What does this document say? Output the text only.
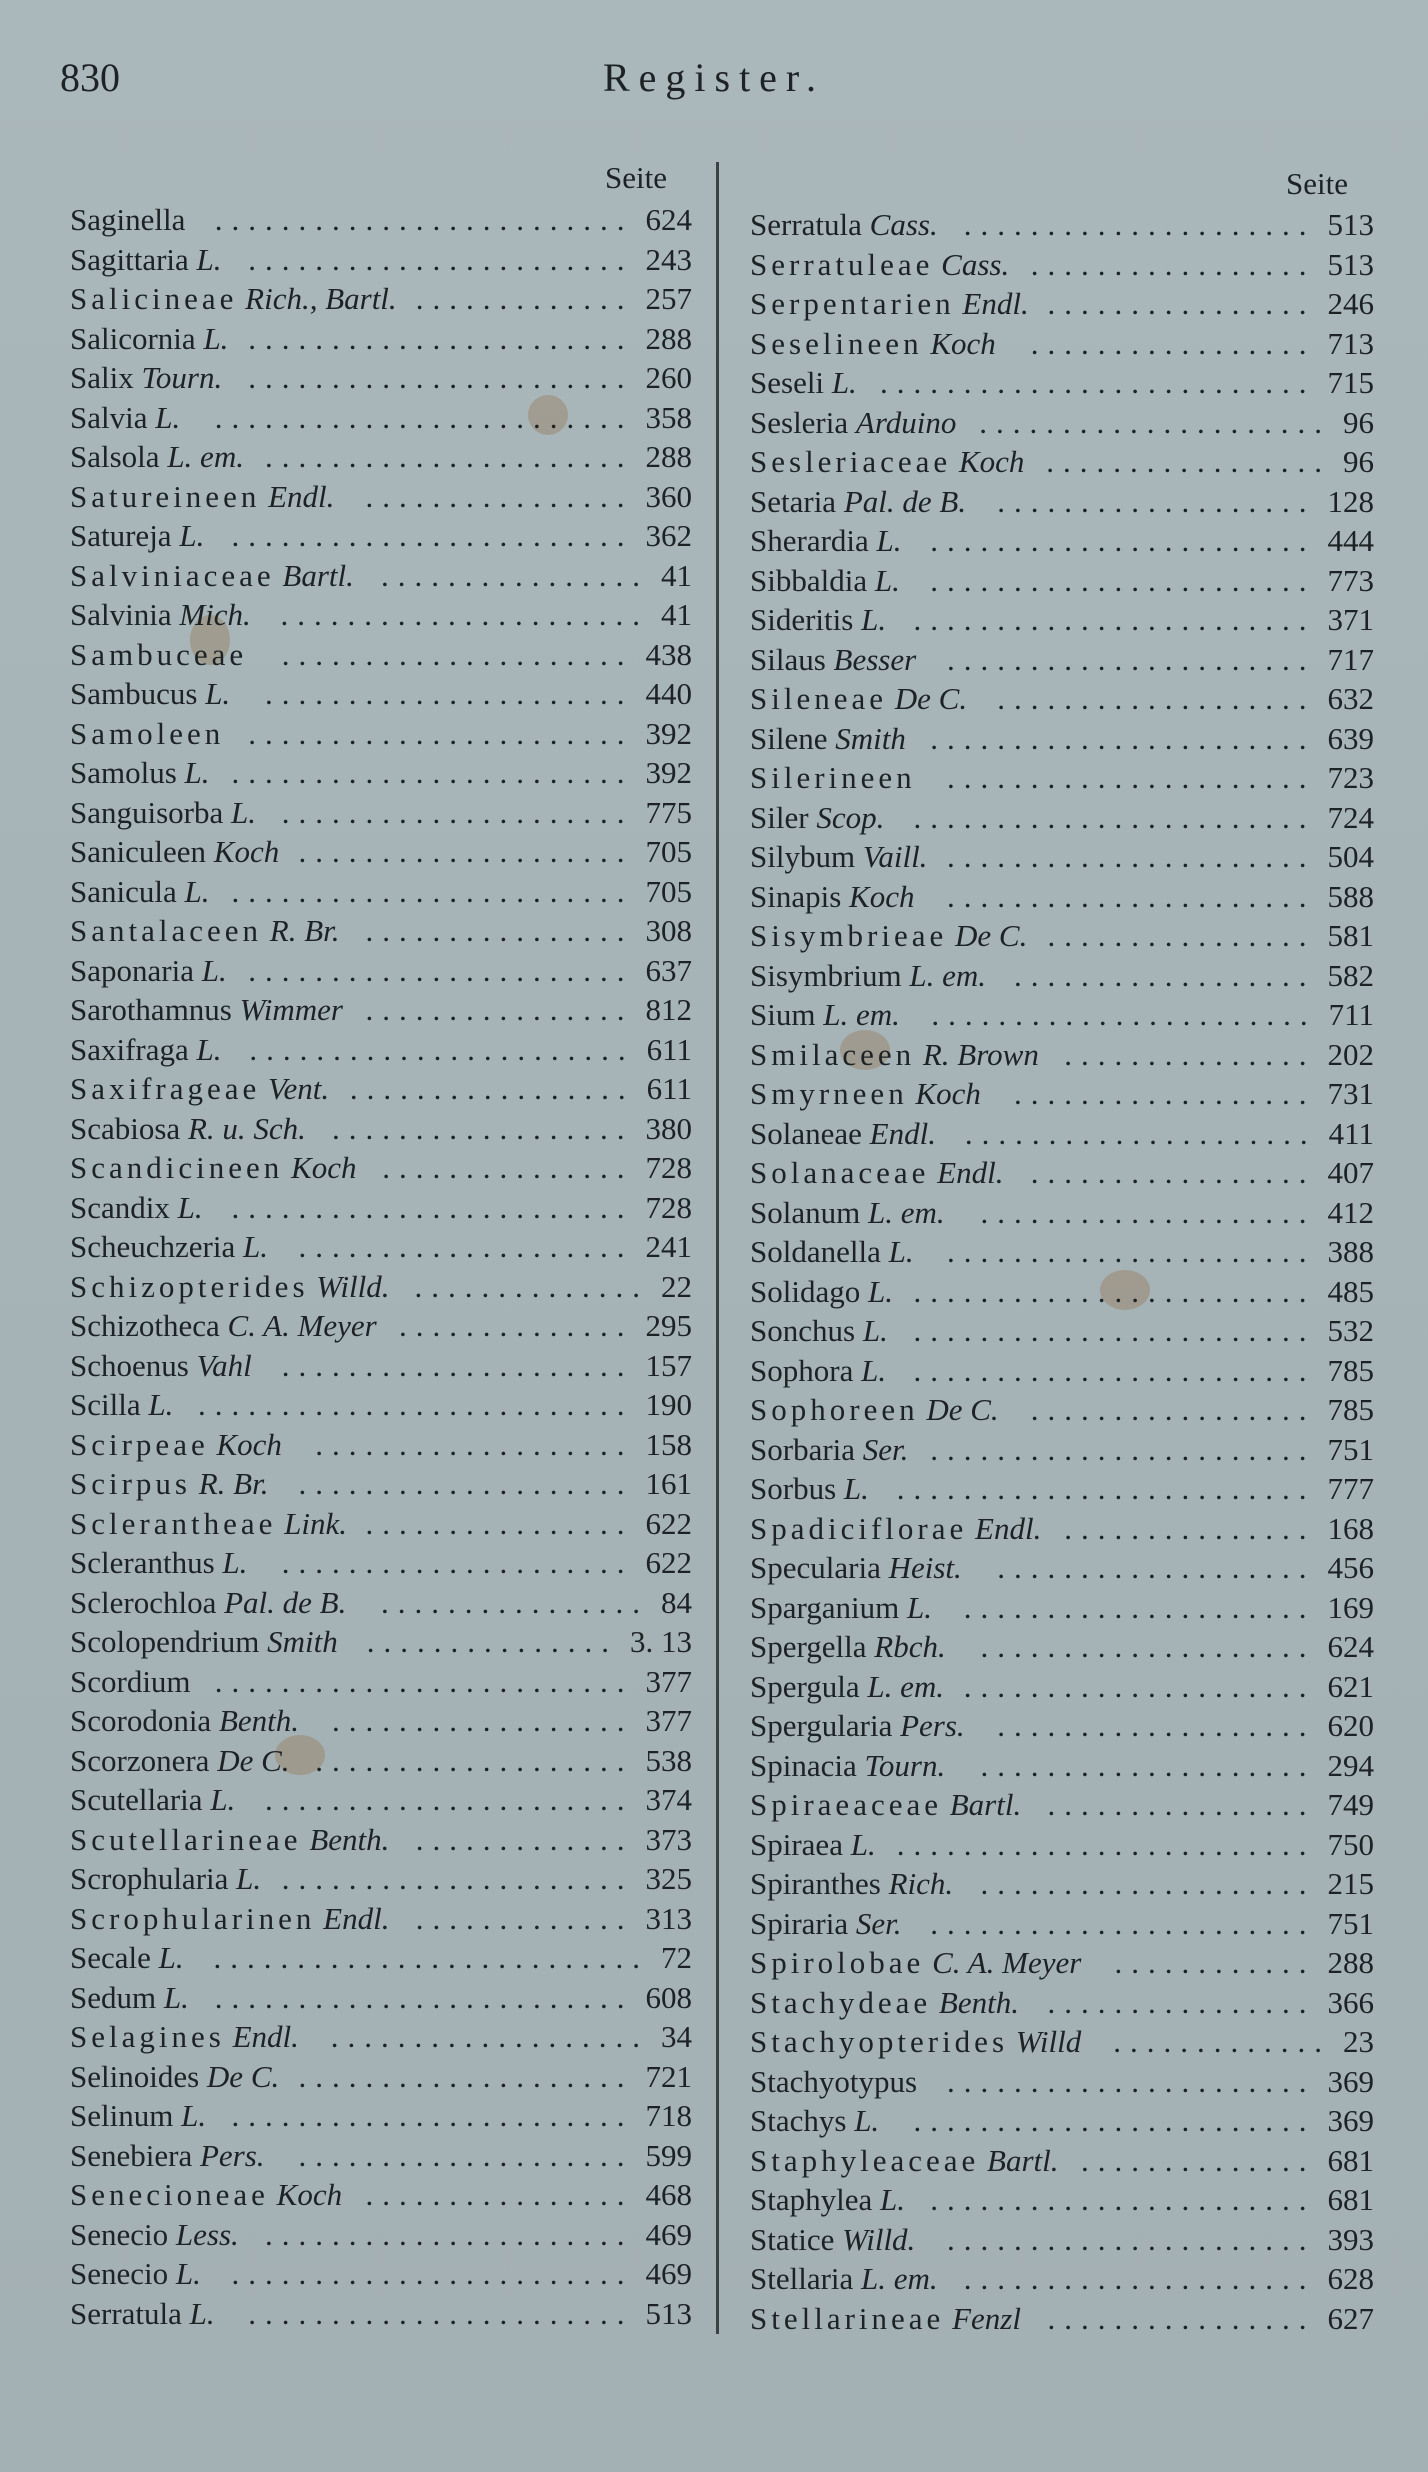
830	Register.
Seite
Saginella	624
.........................
Sagittaria L.	243
.......................
Salicineae Rich., Bartl.	257
.............
Salicornia L.	288
.......................
Salix Tourn.	260
.......................
Salvia L.	358
.........................
Salsola L. em.	288
......................
Satureineen Endl.	360
................
Satureja L.	362
........................
Salviniaceae Bartl.	41
................
Salvinia Mich.	41
......................
Sambuceae	438
.....................
Sambucus L.	440
......................
Samoleen	392
.......................
Samolus L.	392
........................
Sanguisorba L.	775
.....................
Saniculeen Koch	705
....................
Sanicula L.	705
........................
Santalaceen R. Br.	308
................
Saponaria L.	637
.......................
Sarothamnus Wimmer	812
................
Saxifraga L.	611
.......................
Saxifrageae Vent.	611
.................
Scabiosa R. u. Sch.	380
..................
Scandicineen Koch	728
...............
Scandix L.	728
........................
Scheuchzeria L.	241
....................
Schizopterides Willd.	22
..............
Schizotheca C. A. Meyer	295
..............
Schoenus Vahl	157
.....................
Scilla L.	190
..........................
Scirpeae Koch	158
...................
Scirpus R. Br.	161
....................
Sclerantheae Link.	622
................
Scleranthus L.	622
.....................
Sclerochloa Pal. de B.	84
................
Scolopendrium Smith	3. 13
...............
Scordium	377
.........................
Scorodonia Benth.	377
..................
Scorzonera De C.	538
...................
Scutellaria L.	374
......................
Scutellarineae Benth.	373
.............
Scrophularia L.	325
.....................
Scrophularinen Endl.	313
.............
Secale L.	72
..........................
Sedum L.	608
.........................
Selagines Endl.	34
...................
Selinoides De C.	721
....................
Selinum L.	718
........................
Senebiera Pers.	599
....................
Senecioneae Koch	468
................
Senecio Less.	469
......................
Senecio L.	469
........................
Serratula L.	513
.......................
Seite
Serratula Cass.	513
.....................
Serratuleae Cass.	513
.................
Serpentarien Endl.	246
................
Seselineen Koch	713
.................
Seseli L.	715
..........................
Sesleria Arduino	96
.....................
Sesleriaceae Koch	96
.................
Setaria Pal. de B.	128
...................
Sherardia L.	444
.......................
Sibbaldia L.	773
.......................
Sideritis L.	371
........................
Silaus Besser	717
......................
Sileneae De C.	632
...................
Silene Smith	639
.......................
Silerineen	723
......................
Siler Scop.	724
........................
Silybum Vaill.	504
......................
Sinapis Koch	588
......................
Sisymbrieae De C.	581
................
Sisymbrium L. em.	582
..................
Sium L. em.	711
.......................
Smilaceen R. Brown	202
...............
Smyrneen Koch	731
..................
Solaneae Endl.	411
.....................
Solanaceae Endl.	407
.................
Solanum L. em.	412
....................
Soldanella L.	388
......................
Solidago L.	485
........................
Sonchus L.	532
........................
Sophora L.	785
........................
Sophoreen De C.	785
.................
Sorbaria Ser.	751
.......................
Sorbus L.	777
.........................
Spadiciflorae Endl.	168
...............
Specularia Heist.	456
...................
Sparganium L.	169
.....................
Spergella Rbch.	624
....................
Spergula L. em.	621
.....................
Spergularia Pers.	620
...................
Spinacia Tourn.	294
....................
Spiraeaceae Bartl.	749
................
Spiraea L.	750
.........................
Spiranthes Rich.	215
....................
Spiraria Ser.	751
.......................
Spirolobae C. A. Meyer	288
............
Stachydeae Benth.	366
................
Stachyopterides Willd	23
.............
Stachyotypus	369
......................
Stachys L.	369
........................
Staphyleaceae Bartl.	681
..............
Staphylea L.	681
.......................
Statice Willd.	393
......................
Stellaria L. em.	628
.....................
Stellarineae Fenzl	627
................
